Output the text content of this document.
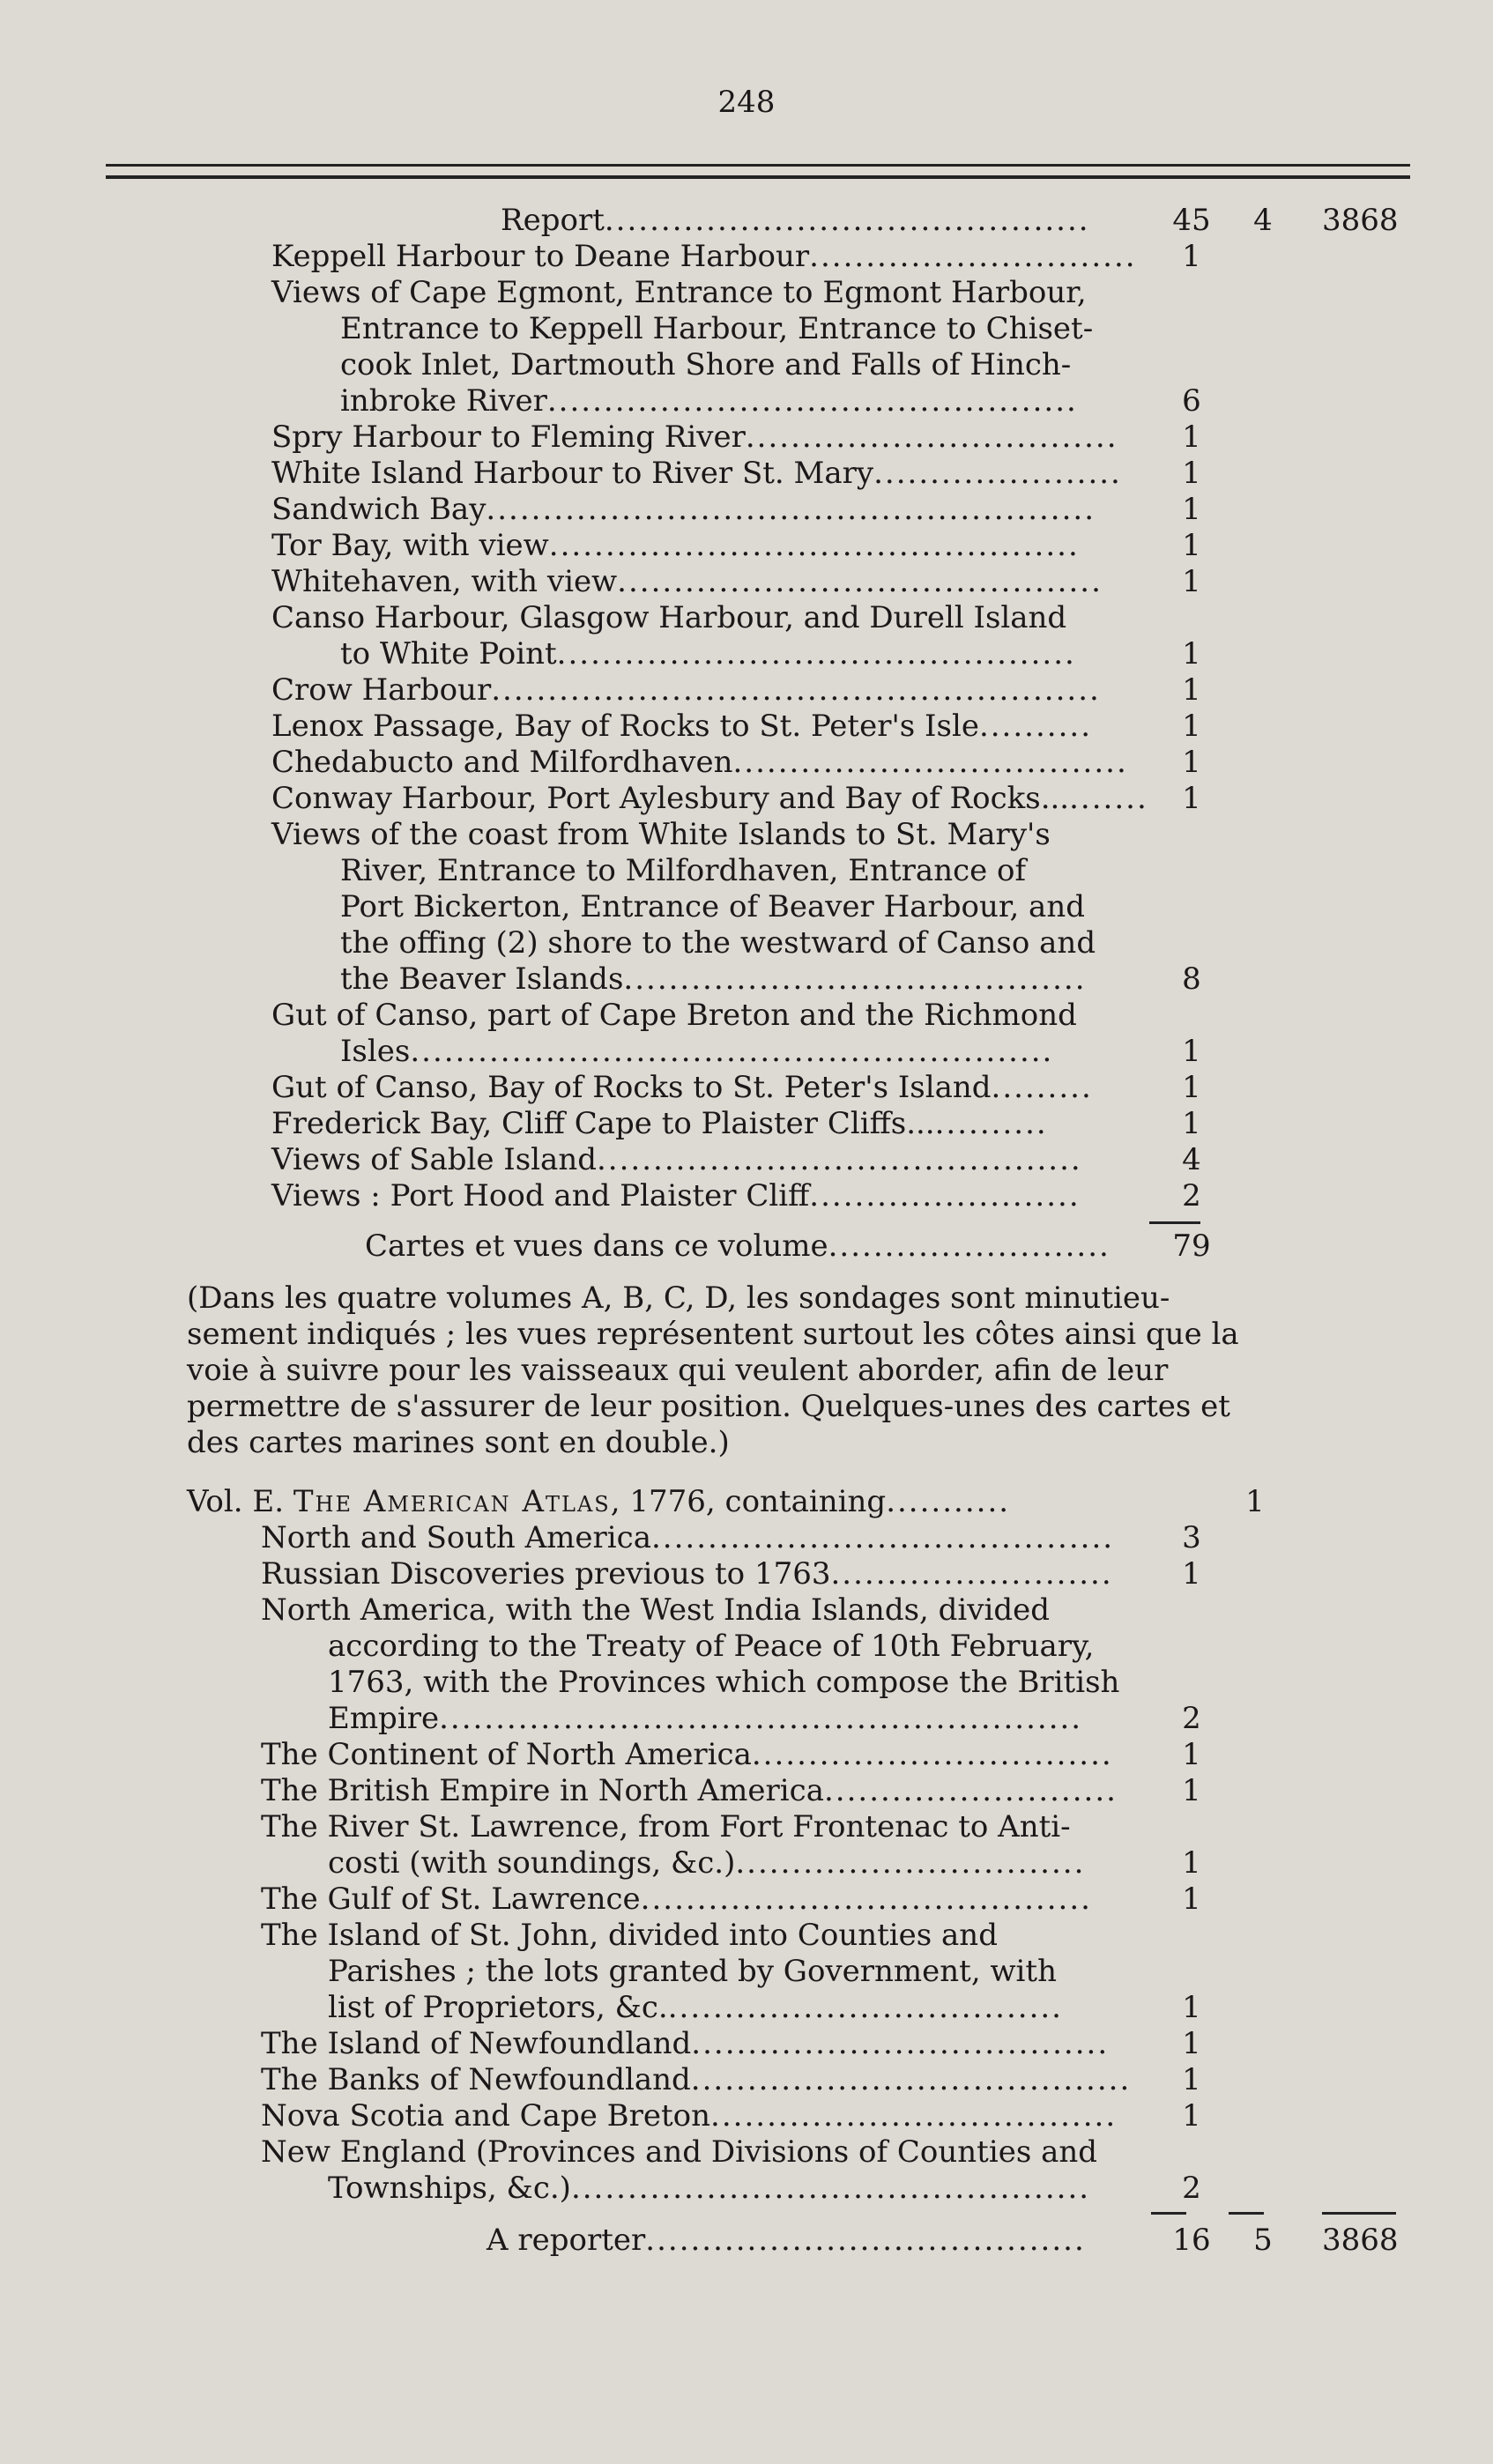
248
Report...........................................	45	4	3868
Keppell Harbour to Deane Harbour.............................	1
Views of Cape Egmont, Entrance to Egmont Harbour,
Entrance to Keppell Harbour, Entrance to Chiset-
cook Inlet, Dartmouth Shore and Falls of Hinch-
inbroke River...............................................	6
Spry Harbour to Fleming River.................................	1
White Island Harbour to River St. Mary......................	1
Sandwich Bay......................................................	1
Tor Bay, with view...............................................	1
Whitehaven, with view...........................................	1
Canso Harbour, Glasgow Harbour, and Durell Island
to White Point..............................................	1
Crow Harbour......................................................	1
Lenox Passage, Bay of Rocks to St. Peter's Isle..........	1
Chedabucto and Milfordhaven...................................	1
Conway Harbour, Port Aylesbury and Bay of Rocks..........	1
Views of the coast from White Islands to St. Mary's
River, Entrance to Milfordhaven, Entrance of
Port Bickerton, Entrance of Beaver Harbour, and
the offing (2) shore to the westward of Canso and
the Beaver Islands.........................................	8
Gut of Canso, part of Cape Breton and the Richmond
Isles.........................................................	1
Gut of Canso, Bay of Rocks to St. Peter's Island.........	1
Frederick Bay, Cliff Cape to Plaister Cliffs.............	1
Views of Sable Island...........................................	4
Views : Port Hood and Plaister Cliff........................	2
Cartes et vues dans ce volume.........................	79
(Dans les quatre volumes A, B, C, D, les sondages sont minutieu-
sement indiqués ; les vues représentent surtout les côtes ainsi que la
voie à suivre pour les vaisseaux qui veulent aborder, afin de leur
permettre de s'assurer de leur position. Quelques-unes des cartes et
des cartes marines sont en double.)
Vol. E. The American Atlas, 1776, containing...........	1
North and South America.........................................	3
Russian Discoveries previous to 1763.........................	1
North America, with the West India Islands, divided
according to the Treaty of Peace of 10th February,
1763, with the Provinces which compose the British
Empire.........................................................	2
The Continent of North America................................	1
The British Empire in North America..........................	1
The River St. Lawrence, from Fort Frontenac to Anti-
costi (with soundings, &c.)...............................	1
The Gulf of St. Lawrence........................................	1
The Island of St. John, divided into Counties and
Parishes ; the lots granted by Government, with
list of Proprietors, &c....................................	1
The Island of Newfoundland.....................................	1
The Banks of Newfoundland.......................................	1
Nova Scotia and Cape Breton....................................	1
New England (Provinces and Divisions of Counties and
Townships, &c.)..............................................	2
A reporter.......................................	16	5	3868
